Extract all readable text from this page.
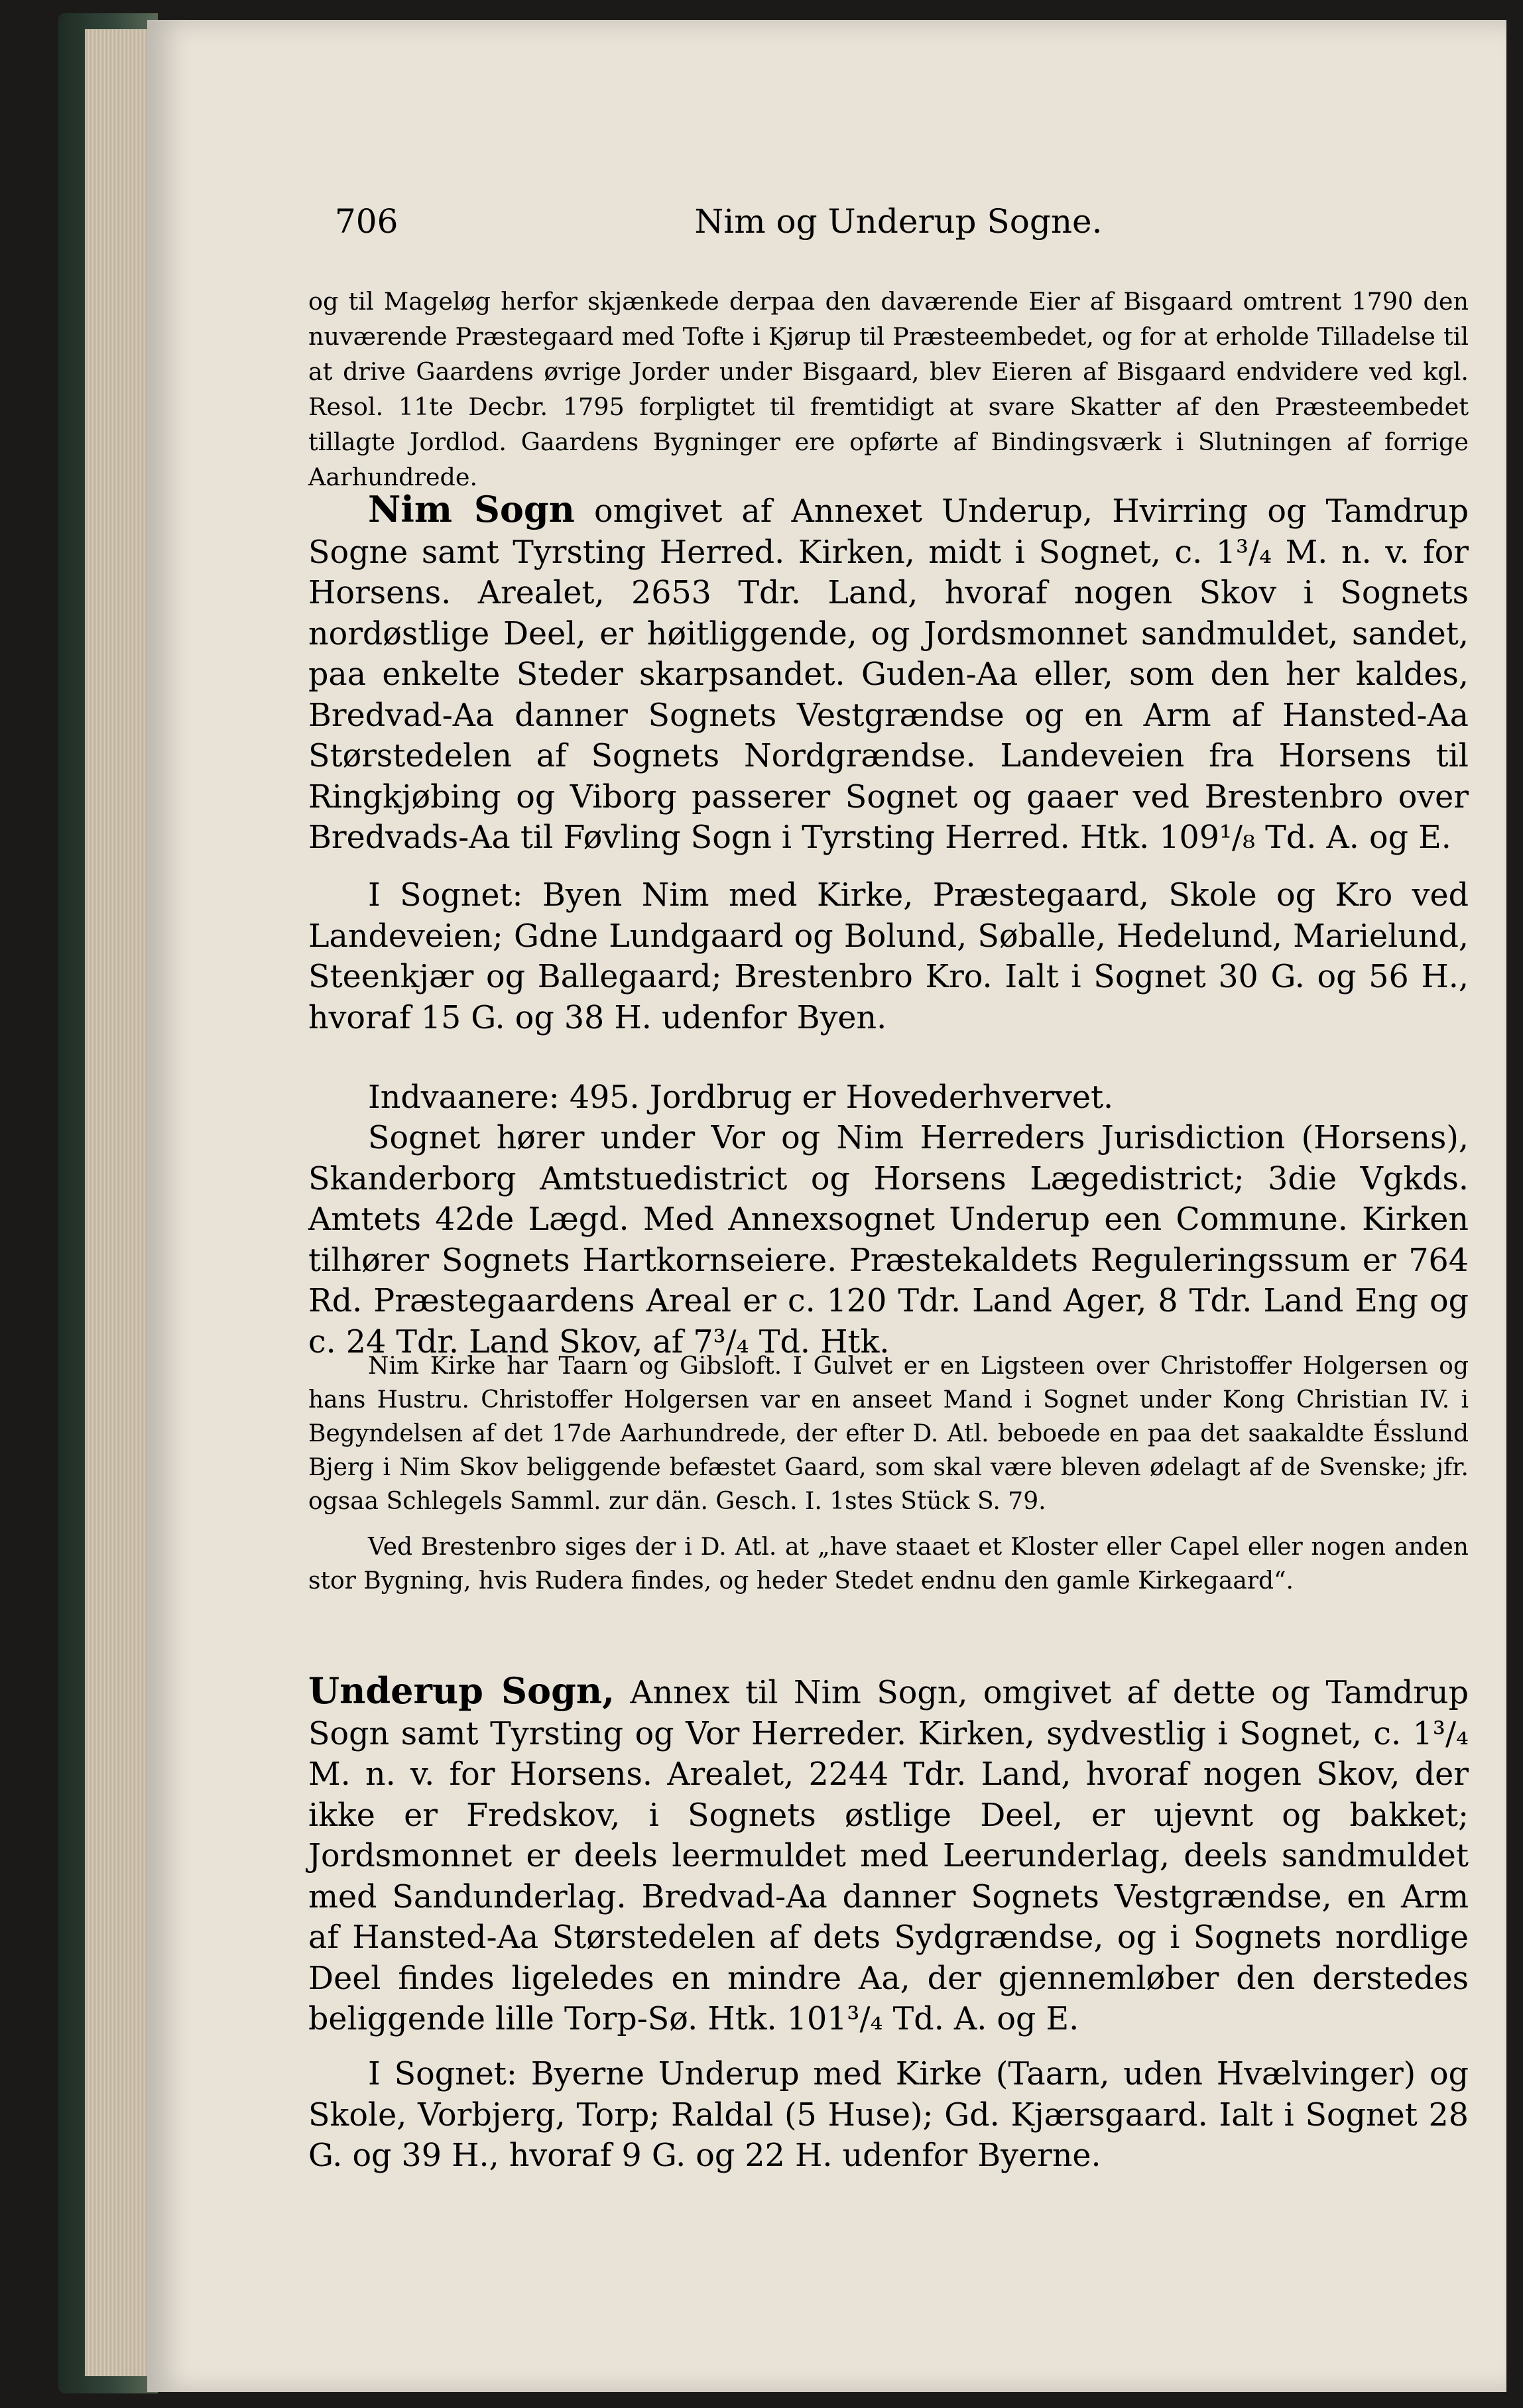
706	Nim og Underup Sogne.

og til Mageløg herfor skjænkede derpaa den daværende Eier af Bisgaard omtrent 1790 den nuværende Præstegaard med Tofte i Kjørup til Præsteembedet, og for at erholde Tilladelse til at drive Gaardens øvrige Jorder under Bisgaard, blev Eieren af Bisgaard endvidere ved kgl. Resol. 11te Decbr. 1795 forpligtet til fremtidigt at svare Skatter af den Præsteembedet tillagte Jordlod. Gaardens Bygninger ere opførte af Bindingsværk i Slutningen af forrige Aarhundrede.

Nim Sogn omgivet af Annexet Underup, Hvirring og Tamdrup Sogne samt Tyrsting Herred. Kirken, midt i Sognet, c. 1³/₄ M. n. v. for Horsens. Arealet, 2653 Tdr. Land, hvoraf nogen Skov i Sognets nordøstlige Deel, er høitliggende, og Jordsmonnet sandmuldet, sandet, paa enkelte Steder skarpsandet. Guden-Aa eller, som den her kaldes, Bredvad-Aa danner Sognets Vestgrændse og en Arm af Hansted-Aa Størstedelen af Sognets Nordgrændse. Landeveien fra Horsens til Ringkjøbing og Viborg passerer Sognet og gaaer ved Brestenbro over Bredvads-Aa til Føvling Sogn i Tyrsting Herred. Htk. 109¹/₈ Td. A. og E.

I Sognet: Byen Nim med Kirke, Præstegaard, Skole og Kro ved Landeveien; Gdne Lundgaard og Bolund, Søballe, Hedelund, Marielund, Steenkjær og Ballegaard; Brestenbro Kro. Ialt i Sognet 30 G. og 56 H., hvoraf 15 G. og 38 H. udenfor Byen.

Indvaanere: 495. Jordbrug er Hovederhvervet.

Sognet hører under Vor og Nim Herreders Jurisdiction (Horsens), Skanderborg Amtstuedistrict og Horsens Lægedistrict; 3die Vgkds. Amtets 42de Lægd. Med Annexsognet Underup een Commune. Kirken tilhører Sognets Hartkornseiere. Præstekaldets Reguleringssum er 764 Rd. Præstegaardens Areal er c. 120 Tdr. Land Ager, 8 Tdr. Land Eng og c. 24 Tdr. Land Skov, af 7³/₄ Td. Htk.

Nim Kirke har Taarn og Gibsloft. I Gulvet er en Ligsteen over Christoffer Holgersen og hans Hustru. Christoffer Holgersen var en anseet Mand i Sognet under Kong Christian IV. i Begyndelsen af det 17de Aarhundrede, der efter D. Atl. beboede en paa det saakaldte Ésslund Bjerg i Nim Skov beliggende befæstet Gaard, som skal være bleven ødelagt af de Svenske; jfr. ogsaa Schlegels Samml. zur dän. Gesch. I. 1stes Stück S. 79.

Ved Brestenbro siges der i D. Atl. at „have staaet et Kloster eller Capel eller nogen anden stor Bygning, hvis Rudera findes, og heder Stedet endnu den gamle Kirkegaard“.

Underup Sogn, Annex til Nim Sogn, omgivet af dette og Tamdrup Sogn samt Tyrsting og Vor Herreder. Kirken, sydvestlig i Sognet, c. 1³/₄ M. n. v. for Horsens. Arealet, 2244 Tdr. Land, hvoraf nogen Skov, der ikke er Fredskov, i Sognets østlige Deel, er ujevnt og bakket; Jordsmonnet er deels leermuldet med Leerunderlag, deels sandmuldet med Sandunderlag. Bredvad-Aa danner Sognets Vestgrændse, en Arm af Hansted-Aa Størstedelen af dets Sydgrændse, og i Sognets nordlige Deel findes ligeledes en mindre Aa, der gjennemløber den derstedes beliggende lille Torp-Sø. Htk. 101³/₄ Td. A. og E.

I Sognet: Byerne Underup med Kirke (Taarn, uden Hvælvinger) og Skole, Vorbjerg, Torp; Raldal (5 Huse); Gd. Kjærsgaard. Ialt i Sognet 28 G. og 39 H., hvoraf 9 G. og 22 H. udenfor Byerne.
